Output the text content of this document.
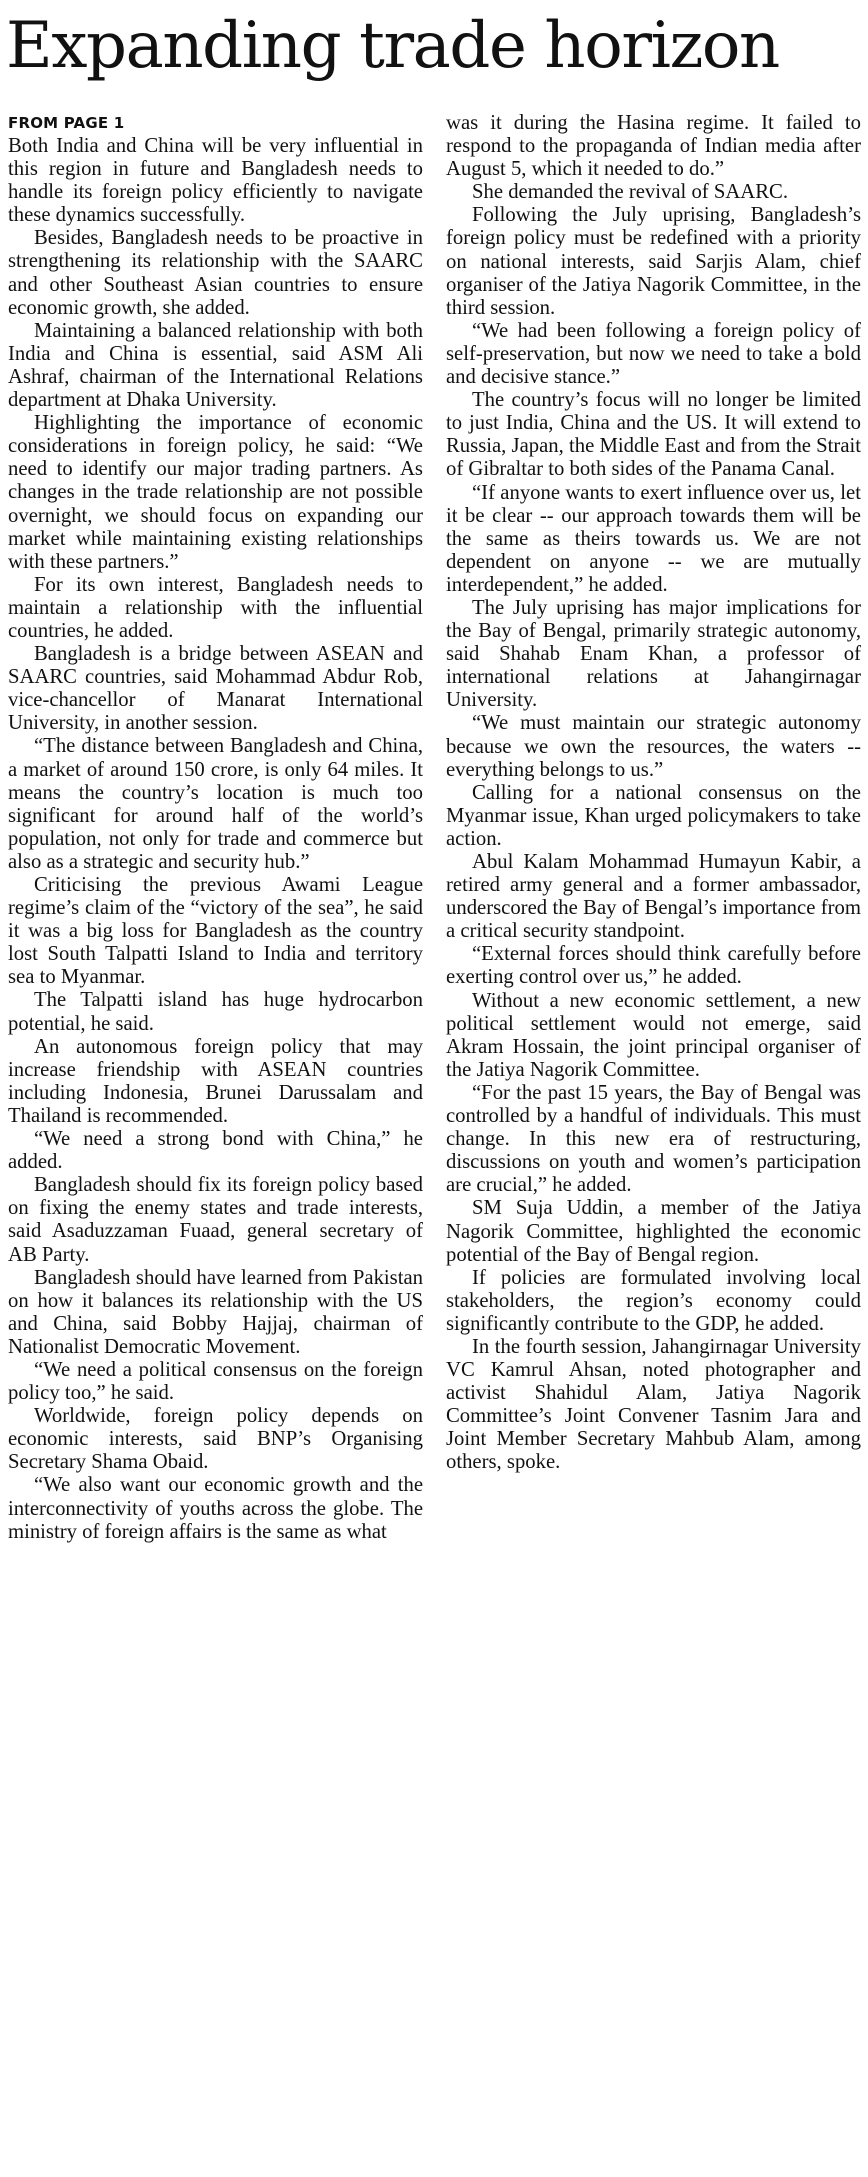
Expanding trade horizon
FROM PAGE 1

Both India and China will be very influential in this region in future and Bangladesh needs to handle its foreign policy efficiently to navigate these dynamics successfully.

Besides, Bangladesh needs to be proactive in strengthening its relationship with the SAARC and other Southeast Asian countries to ensure economic growth, she added.

Maintaining a balanced relationship with both India and China is essential, said ASM Ali Ashraf, chairman of the International Relations department at Dhaka University.

Highlighting the importance of economic considerations in foreign policy, he said: “We need to identify our major trading partners. As changes in the trade relationship are not possible overnight, we should focus on expanding our market while maintaining existing relationships with these partners.”

For its own interest, Bangladesh needs to maintain a relationship with the influential countries, he added.

Bangladesh is a bridge between ASEAN and SAARC countries, said Mohammad Abdur Rob, vice-chancellor of Manarat International University, in another session.

“The distance between Bangladesh and China, a market of around 150 crore, is only 64 miles. It means the country’s location is much too significant for around half of the world’s population, not only for trade and commerce but also as a strategic and security hub.”

Criticising the previous Awami League regime’s claim of the “victory of the sea”, he said it was a big loss for Bangladesh as the country lost South Talpatti Island to India and territory sea to Myanmar.

The Talpatti island has huge hydrocarbon potential, he said.

An autonomous foreign policy that may increase friendship with ASEAN countries including Indonesia, Brunei Darussalam and Thailand is recommended.

“We need a strong bond with China,” he added.

Bangladesh should fix its foreign policy based on fixing the enemy states and trade interests, said Asaduzzaman Fuaad, general secretary of AB Party.

Bangladesh should have learned from Pakistan on how it balances its relationship with the US and China, said Bobby Hajjaj, chairman of Nationalist Democratic Movement.

“We need a political consensus on the foreign policy too,” he said.

Worldwide, foreign policy depends on economic interests, said BNP’s Organising Secretary Shama Obaid.

“We also want our economic growth and the interconnectivity of youths across the globe. The ministry of foreign affairs is the same as what

was it during the Hasina regime. It failed to respond to the propaganda of Indian media after August 5, which it needed to do.”

She demanded the revival of SAARC.

Following the July uprising, Bangladesh’s foreign policy must be redefined with a priority on national interests, said Sarjis Alam, chief organiser of the Jatiya Nagorik Committee, in the third session.

“We had been following a foreign policy of self-preservation, but now we need to take a bold and decisive stance.”

The country’s focus will no longer be limited to just India, China and the US. It will extend to Russia, Japan, the Middle East and from the Strait of Gibraltar to both sides of the Panama Canal.

“If anyone wants to exert influence over us, let it be clear -- our approach towards them will be the same as theirs towards us. We are not dependent on anyone -- we are mutually interdependent,” he added.

The July uprising has major implications for the Bay of Bengal, primarily strategic autonomy, said Shahab Enam Khan, a professor of international relations at Jahangirnagar University.

“We must maintain our strategic autonomy because we own the resources, the waters -- everything belongs to us.”

Calling for a national consensus on the Myanmar issue, Khan urged policymakers to take action.

Abul Kalam Mohammad Humayun Kabir, a retired army general and a former ambassador, underscored the Bay of Bengal’s importance from a critical security standpoint.

“External forces should think carefully before exerting control over us,” he added.

Without a new economic settlement, a new political settlement would not emerge, said Akram Hossain, the joint principal organiser of the Jatiya Nagorik Committee.

“For the past 15 years, the Bay of Bengal was controlled by a handful of individuals. This must change. In this new era of restructuring, discussions on youth and women’s participation are crucial,” he added.

SM Suja Uddin, a member of the Jatiya Nagorik Committee, highlighted the economic potential of the Bay of Bengal region.

If policies are formulated involving local stakeholders, the region’s economy could significantly contribute to the GDP, he added.

In the fourth session, Jahangirnagar University VC Kamrul Ahsan, noted photographer and activist Shahidul Alam, Jatiya Nagorik Committee’s Joint Convener Tasnim Jara and Joint Member Secretary Mahbub Alam, among others, spoke.
